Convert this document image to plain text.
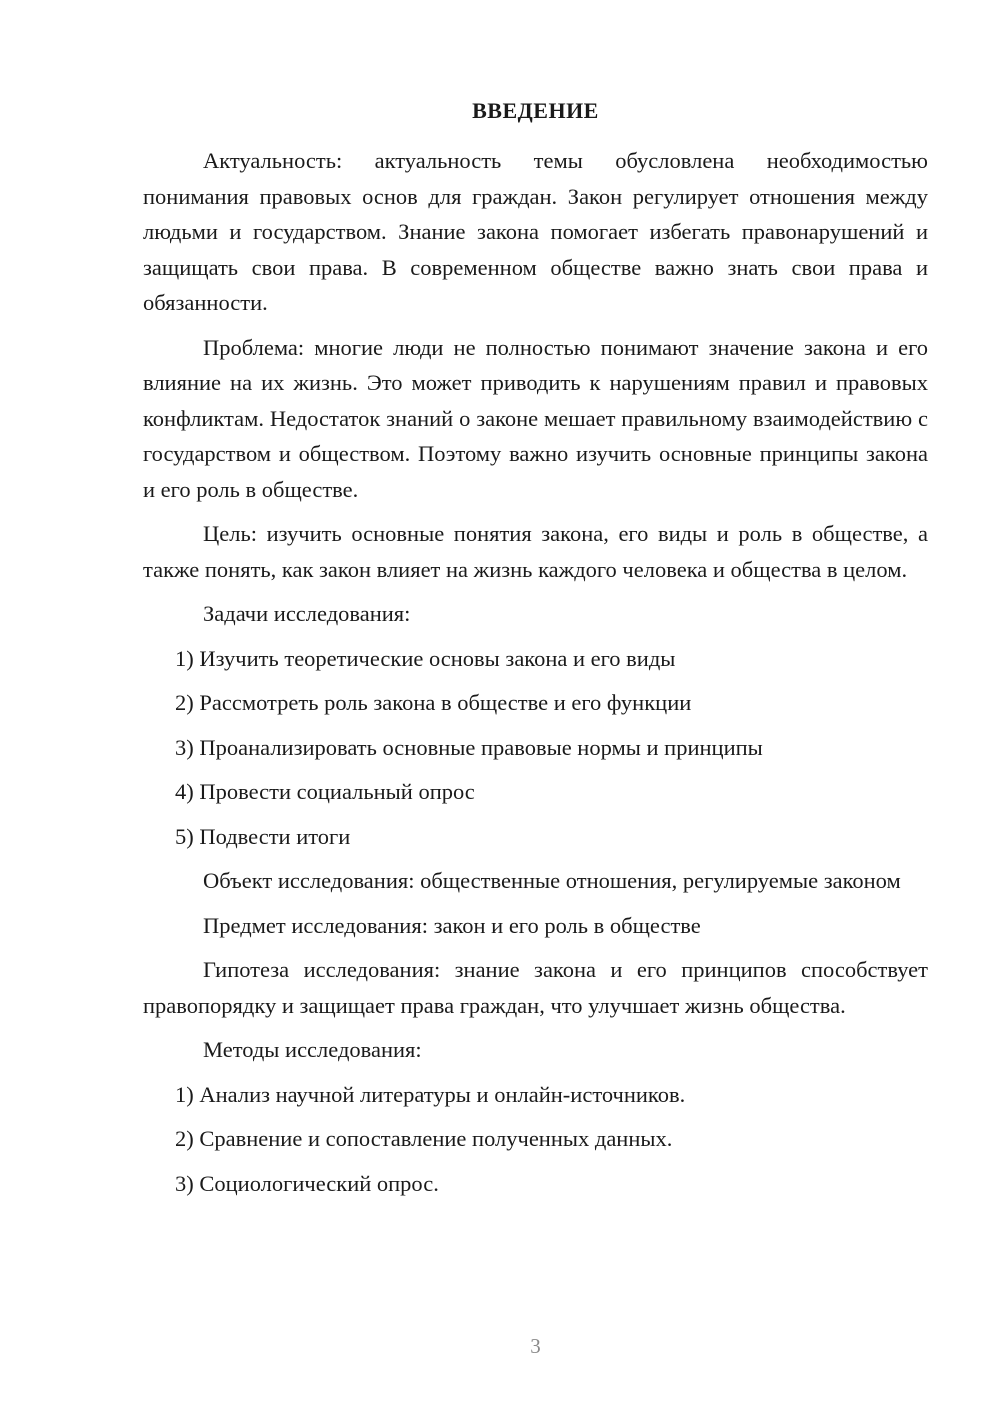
ВВЕДЕНИЕ

Актуальность: актуальность темы обусловлена необходимостью понимания правовых основ для граждан. Закон регулирует отношения между людьми и государством. Знание закона помогает избегать правонарушений и защищать свои права. В современном обществе важно знать свои права и обязанности.

Проблема: многие люди не полностью понимают значение закона и его влияние на их жизнь. Это может приводить к нарушениям правил и правовых конфликтам. Недостаток знаний о законе мешает правильному взаимодействию с государством и обществом. Поэтому важно изучить основные принципы закона и его роль в обществе.

Цель: изучить основные понятия закона, его виды и роль в обществе, а также понять, как закон влияет на жизнь каждого человека и общества в целом.

Задачи исследования:

1) Изучить теоретические основы закона и его виды

2) Рассмотреть роль закона в обществе и его функции

3) Проанализировать основные правовые нормы и принципы

4) Провести социальный опрос

5) Подвести итоги

Объект исследования: общественные отношения, регулируемые законом

Предмет исследования: закон и его роль в обществе

Гипотеза исследования: знание закона и его принципов способствует правопорядку и защищает права граждан, что улучшает жизнь общества.

Методы исследования:

1) Анализ научной литературы и онлайн-источников.

2) Сравнение и сопоставление полученных данных.

3) Социологический опрос.

3
